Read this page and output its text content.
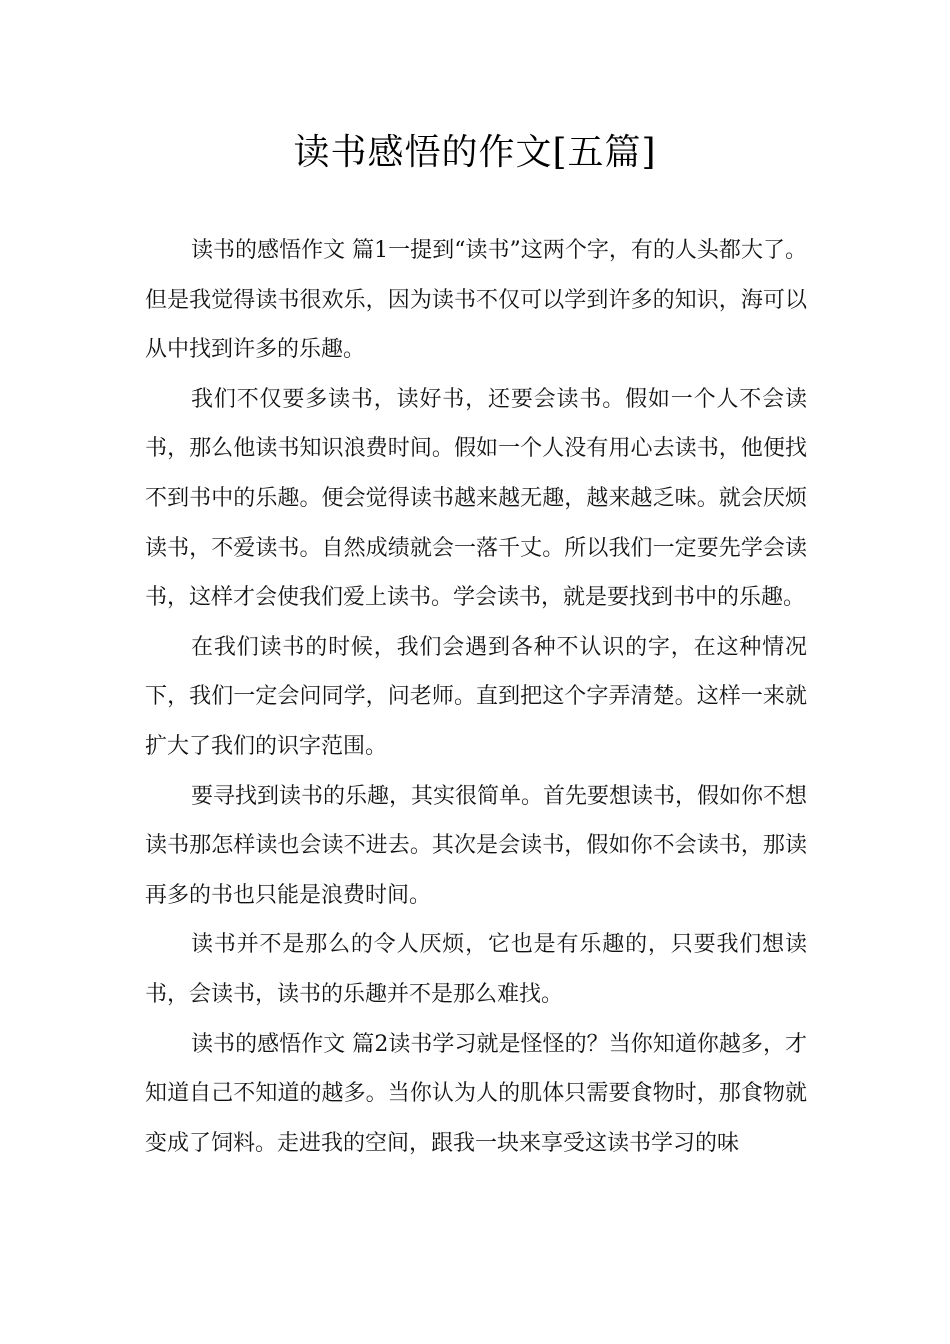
读书感悟的作文[五篇]

读书的感悟作文 篇1一提到“读书”这两个字，有的人头都大了。但是我觉得读书很欢乐，因为读书不仅可以学到许多的知识，海可以从中找到许多的乐趣。

我们不仅要多读书，读好书，还要会读书。假如一个人不会读书，那么他读书知识浪费时间。假如一个人没有用心去读书，他便找不到书中的乐趣。便会觉得读书越来越无趣，越来越乏味。就会厌烦读书，不爱读书。自然成绩就会一落千丈。所以我们一定要先学会读书，这样才会使我们爱上读书。学会读书，就是要找到书中的乐趣。

在我们读书的时候，我们会遇到各种不认识的字，在这种情况下，我们一定会问同学，问老师。直到把这个字弄清楚。这样一来就扩大了我们的识字范围。

要寻找到读书的乐趣，其实很简单。首先要想读书，假如你不想读书那怎样读也会读不进去。其次是会读书，假如你不会读书，那读再多的书也只能是浪费时间。

读书并不是那么的令人厌烦，它也是有乐趣的，只要我们想读书，会读书，读书的乐趣并不是那么难找。

读书的感悟作文 篇2读书学习就是怪怪的？当你知道你越多，才知道自己不知道的越多。当你认为人的肌体只需要食物时，那食物就变成了饲料。走进我的空间，跟我一块来享受这读书学习的味
